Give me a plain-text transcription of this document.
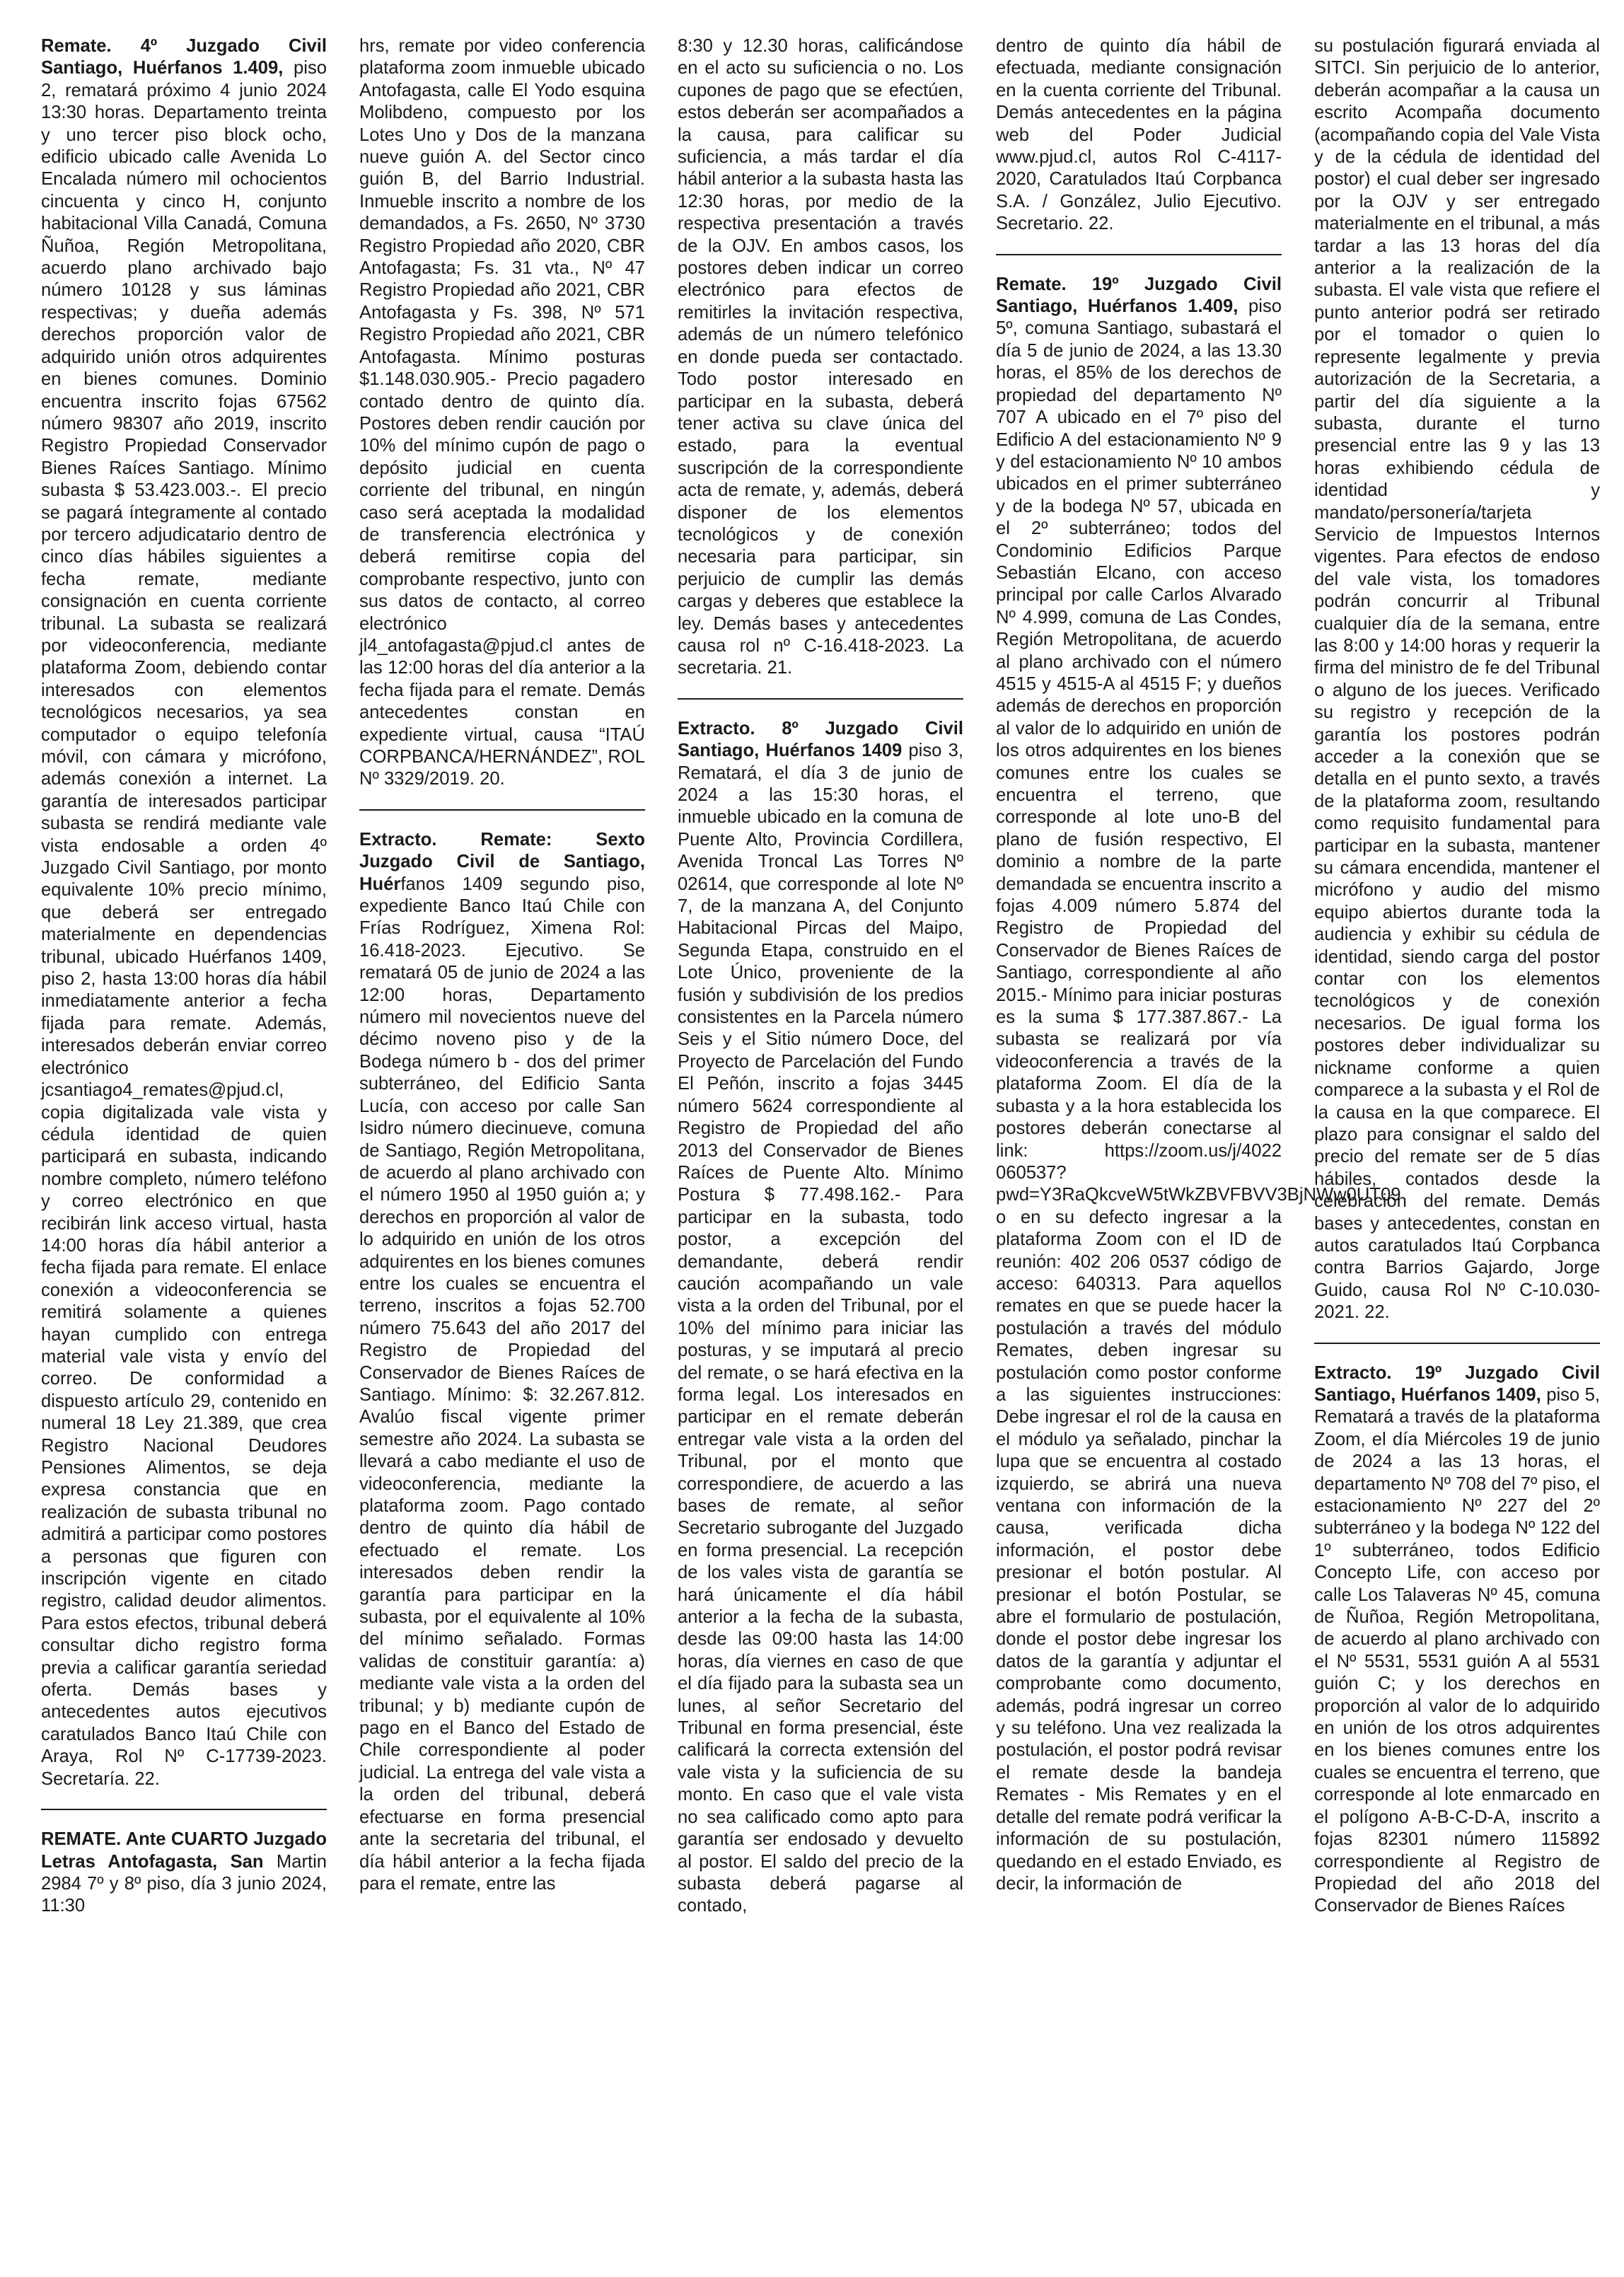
Remate. 4º Juzgado Civil Santiago, Huérfanos 1.409, piso 2, rematará próximo 4 junio 2024 13:30 horas. Departamento treinta y uno tercer piso block ocho, edificio ubicado calle Avenida Lo Encalada número mil ochocientos cincuenta y cinco H, conjunto habitacional Villa Canadá, Comuna Ñuñoa, Región Metropolitana, acuerdo plano archivado bajo número 10128 y sus láminas respectivas; y dueña además derechos proporción valor de adquirido unión otros adquirentes en bienes comunes. Dominio encuentra inscrito fojas 67562 número 98307 año 2019, inscrito Registro Propiedad Conservador Bienes Raíces Santiago. Mínimo subasta $ 53.423.003.-. El precio se pagará íntegramente al contado por tercero adjudicatario dentro de cinco días hábiles siguientes a fecha remate, mediante consignación en cuenta corriente tribunal. La subasta se realizará por videoconferencia, mediante plataforma Zoom, debiendo contar interesados con elementos tecnológicos necesarios, ya sea computador o equipo telefonía móvil, con cámara y micrófono, además conexión a internet. La garantía de interesados participar subasta se rendirá mediante vale vista endosable a orden 4º Juzgado Civil Santiago, por monto equivalente 10% precio mínimo, que deberá ser entregado materialmente en dependencias tribunal, ubicado Huérfanos 1409, piso 2, hasta 13:00 horas día hábil inmediatamente anterior a fecha fijada para remate. Además, interesados deberán enviar correo electrónico jcsantiago4_remates@pjud.cl, copia digitalizada vale vista y cédula identidad de quien participará en subasta, indicando nombre completo, número teléfono y correo electrónico en que recibirán link acceso virtual, hasta 14:00 horas día hábil anterior a fecha fijada para remate. El enlace conexión a videoconferencia se remitirá solamente a quienes hayan cumplido con entrega material vale vista y envío del correo. De conformidad a dispuesto artículo 29, contenido en numeral 18 Ley 21.389, que crea Registro Nacional Deudores Pensiones Alimentos, se deja expresa constancia que en realización de subasta tribunal no admitirá a participar como postores a personas que figuren con inscripción vigente en citado registro, calidad deudor alimentos. Para estos efectos, tribunal deberá consultar dicho registro forma previa a calificar garantía seriedad oferta. Demás bases y antecedentes autos ejecutivos caratulados Banco Itaú Chile con Araya, Rol Nº C-17739-2023. Secretaría. 22.

REMATE. Ante CUARTO Juzgado Letras Antofagasta, San Martin 2984 7º y 8º piso, día 3 junio 2024, 11:30

hrs, remate por video conferencia plataforma zoom inmueble ubicado Antofagasta, calle El Yodo esquina Molibdeno, compuesto por los Lotes Uno y Dos de la manzana nueve guión A. del Sector cinco guión B, del Barrio Industrial. Inmueble inscrito a nombre de los demandados, a Fs. 2650, Nº 3730 Registro Propiedad año 2020, CBR Antofagasta; Fs. 31 vta., Nº 47 Registro Propiedad año 2021, CBR Antofagasta y Fs. 398, Nº 571 Registro Propiedad año 2021, CBR Antofagasta. Mínimo posturas $1.148.030.905.- Precio pagadero contado dentro de quinto día. Postores deben rendir caución por 10% del mínimo cupón de pago o depósito judicial en cuenta corriente del tribunal, en ningún caso será aceptada la modalidad de transferencia electrónica y deberá remitirse copia del comprobante respectivo, junto con sus datos de contacto, al correo electrónico jl4_antofagasta@pjud.cl antes de las 12:00 horas del día anterior a la fecha fijada para el remate. Demás antecedentes constan en expediente virtual, causa “ITAÚ CORPBANCA/HERNÁNDEZ”, ROL Nº 3329/2019. 20.

Extracto. Remate: Sexto Juzgado Civil de Santiago, Huérfanos 1409 segundo piso, expediente Banco Itaú Chile con Frías Rodríguez, Ximena Rol: 16.418-2023. Ejecutivo. Se rematará 05 de junio de 2024 a las 12:00 horas, Departamento número mil novecientos nueve del décimo noveno piso y de la Bodega número b - dos del primer subterráneo, del Edificio Santa Lucía, con acceso por calle San Isidro número diecinueve, comuna de Santiago, Región Metropolitana, de acuerdo al plano archivado con el número 1950 al 1950 guión a; y derechos en proporción al valor de lo adquirido en unión de los otros adquirentes en los bienes comunes entre los cuales se encuentra el terreno, inscritos a fojas 52.700 número 75.643 del año 2017 del Registro de Propiedad del Conservador de Bienes Raíces de Santiago. Mínimo: $: 32.267.812. Avalúo fiscal vigente primer semestre año 2024. La subasta se llevará a cabo mediante el uso de videoconferencia, mediante la plataforma zoom. Pago contado dentro de quinto día hábil de efectuado el remate. Los interesados deben rendir la garantía para participar en la subasta, por el equivalente al 10% del mínimo señalado. Formas validas de constituir garantía: a) mediante vale vista a la orden del tribunal; y b) mediante cupón de pago en el Banco del Estado de Chile correspondiente al poder judicial. La entrega del vale vista a la orden del tribunal, deberá efectuarse en forma presencial ante la secretaria del tribunal, el día hábil anterior a la fecha fijada para el remate, entre las

8:30 y 12.30 horas, calificándose en el acto su suficiencia o no. Los cupones de pago que se efectúen, estos deberán ser acompañados a la causa, para calificar su suficiencia, a más tardar el día hábil anterior a la subasta hasta las 12:30 horas, por medio de la respectiva presentación a través de la OJV. En ambos casos, los postores deben indicar un correo electrónico para efectos de remitirles la invitación respectiva, además de un número telefónico en donde pueda ser contactado. Todo postor interesado en participar en la subasta, deberá tener activa su clave única del estado, para la eventual suscripción de la correspondiente acta de remate, y, además, deberá disponer de los elementos tecnológicos y de conexión necesaria para participar, sin perjuicio de cumplir las demás cargas y deberes que establece la ley. Demás bases y antecedentes causa rol nº C-16.418-2023. La secretaria. 21.

Extracto. 8º Juzgado Civil Santiago, Huérfanos 1409 piso 3, Rematará, el día 3 de junio de 2024 a las 15:30 horas, el inmueble ubicado en la comuna de Puente Alto, Provincia Cordillera, Avenida Troncal Las Torres Nº 02614, que corresponde al lote Nº 7, de la manzana A, del Conjunto Habitacional Pircas del Maipo, Segunda Etapa, construido en el Lote Único, proveniente de la fusión y subdivisión de los predios consistentes en la Parcela número Seis y el Sitio número Doce, del Proyecto de Parcelación del Fundo El Peñón, inscrito a fojas 3445 número 5624 correspondiente al Registro de Propiedad del año 2013 del Conservador de Bienes Raíces de Puente Alto. Mínimo Postura $ 77.498.162.- Para participar en la subasta, todo postor, a excepción del demandante, deberá rendir caución acompañando un vale vista a la orden del Tribunal, por el 10% del mínimo para iniciar las posturas, y se imputará al precio del remate, o se hará efectiva en la forma legal. Los interesados en participar en el remate deberán entregar vale vista a la orden del Tribunal, por el monto que correspondiere, de acuerdo a las bases de remate, al señor Secretario subrogante del Juzgado en forma presencial. La recepción de los vales vista de garantía se hará únicamente el día hábil anterior a la fecha de la subasta, desde las 09:00 hasta las 14:00 horas, día viernes en caso de que el día fijado para la subasta sea un lunes, al señor Secretario del Tribunal en forma presencial, éste calificará la correcta extensión del vale vista y la suficiencia de su monto. En caso que el vale vista no sea calificado como apto para garantía ser endosado y devuelto al postor. El saldo del precio de la subasta deberá pagarse al contado,

dentro de quinto día hábil de efectuada, mediante consignación en la cuenta corriente del Tribunal. Demás antecedentes en la página web del Poder Judicial www.pjud.cl, autos Rol C-4117-2020, Caratulados Itaú Corpbanca S.A. / González, Julio Ejecutivo. Secretario. 22.

Remate. 19º Juzgado Civil Santiago, Huérfanos 1.409, piso 5º, comuna Santiago, subastará el día 5 de junio de 2024, a las 13.30 horas, el 85% de los derechos de propiedad del departamento Nº 707 A ubicado en el 7º piso del Edificio A del estacionamiento Nº 9 y del estacionamiento Nº 10 ambos ubicados en el primer subterráneo y de la bodega Nº 57, ubicada en el 2º subterráneo; todos del Condominio Edificios Parque Sebastián Elcano, con acceso principal por calle Carlos Alvarado Nº 4.999, comuna de Las Condes, Región Metropolitana, de acuerdo al plano archivado con el número 4515 y 4515-A al 4515 F; y dueños además de derechos en proporción al valor de lo adquirido en unión de los otros adquirentes en los bienes comunes entre los cuales se encuentra el terreno, que corresponde al lote uno-B del plano de fusión respectivo, El dominio a nombre de la parte demandada se encuentra inscrito a fojas 4.009 número 5.874 del Registro de Propiedad del Conservador de Bienes Raíces de Santiago, correspondiente al año 2015.- Mínimo para iniciar posturas es la suma $ 177.387.867.- La subasta se realizará por vía videoconferencia a través de la plataforma Zoom. El día de la subasta y a la hora establecida los postores deberán conectarse al link: https://zoom.us/j/4022 060537?pwd=Y3RaQkcveW5tWkZBVFBVV3BjNWw0UT09 o en su defecto ingresar a la plataforma Zoom con el ID de reunión: 402 206 0537 código de acceso: 640313. Para aquellos remates en que se puede hacer la postulación a través del módulo Remates, deben ingresar su postulación como postor conforme a las siguientes instrucciones: Debe ingresar el rol de la causa en el módulo ya señalado, pinchar la lupa que se encuentra al costado izquierdo, se abrirá una nueva ventana con información de la causa, verificada dicha información, el postor debe presionar el botón postular. Al presionar el botón Postular, se abre el formulario de postulación, donde el postor debe ingresar los datos de la garantía y adjuntar el comprobante como documento, además, podrá ingresar un correo y su teléfono. Una vez realizada la postulación, el postor podrá revisar el remate desde la bandeja Remates - Mis Remates y en el detalle del remate podrá verificar la información de su postulación, quedando en el estado Enviado, es decir, la información de

su postulación figurará enviada al SITCI. Sin perjuicio de lo anterior, deberán acompañar a la causa un escrito Acompaña documento (acompañando copia del Vale Vista y de la cédula de identidad del postor) el cual deber ser ingresado por la OJV y ser entregado materialmente en el tribunal, a más tardar a las 13 horas del día anterior a la realización de la subasta. El vale vista que refiere el punto anterior podrá ser retirado por el tomador o quien lo represente legalmente y previa autorización de la Secretaria, a partir del día siguiente a la subasta, durante el turno presencial entre las 9 y las 13 horas exhibiendo cédula de identidad y mandato/personería/tarjeta Servicio de Impuestos Internos vigentes. Para efectos de endoso del vale vista, los tomadores podrán concurrir al Tribunal cualquier día de la semana, entre las 8:00 y 14:00 horas y requerir la firma del ministro de fe del Tribunal o alguno de los jueces. Verificado su registro y recepción de la garantía los postores podrán acceder a la conexión que se detalla en el punto sexto, a través de la plataforma zoom, resultando como requisito fundamental para participar en la subasta, mantener su cámara encendida, mantener el micrófono y audio del mismo equipo abiertos durante toda la audiencia y exhibir su cédula de identidad, siendo carga del postor contar con los elementos tecnológicos y de conexión necesarios. De igual forma los postores deber individualizar su nickname conforme a quien comparece a la subasta y el Rol de la causa en la que comparece. El plazo para consignar el saldo del precio del remate ser de 5 días hábiles, contados desde la celebración del remate. Demás bases y antecedentes, constan en autos caratulados Itaú Corpbanca contra Barrios Gajardo, Jorge Guido, causa Rol Nº C-10.030-2021. 22.

Extracto. 19º Juzgado Civil Santiago, Huérfanos 1409, piso 5, Rematará a través de la plataforma Zoom, el día Miércoles 19 de junio de 2024 a las 13 horas, el departamento Nº 708 del 7º piso, el estacionamiento Nº 227 del 2º subterráneo y la bodega Nº 122 del 1º subterráneo, todos Edificio Concepto Life, con acceso por calle Los Talaveras Nº 45, comuna de Ñuñoa, Región Metropolitana, de acuerdo al plano archivado con el Nº 5531, 5531 guión A al 5531 guión C; y los derechos en proporción al valor de lo adquirido en unión de los otros adquirentes en los bienes comunes entre los cuales se encuentra el terreno, que corresponde al lote enmarcado en el polígono A-B-C-D-A, inscrito a fojas 82301 número 115892 correspondiente al Registro de Propiedad del año 2018 del Conservador de Bienes Raíces
